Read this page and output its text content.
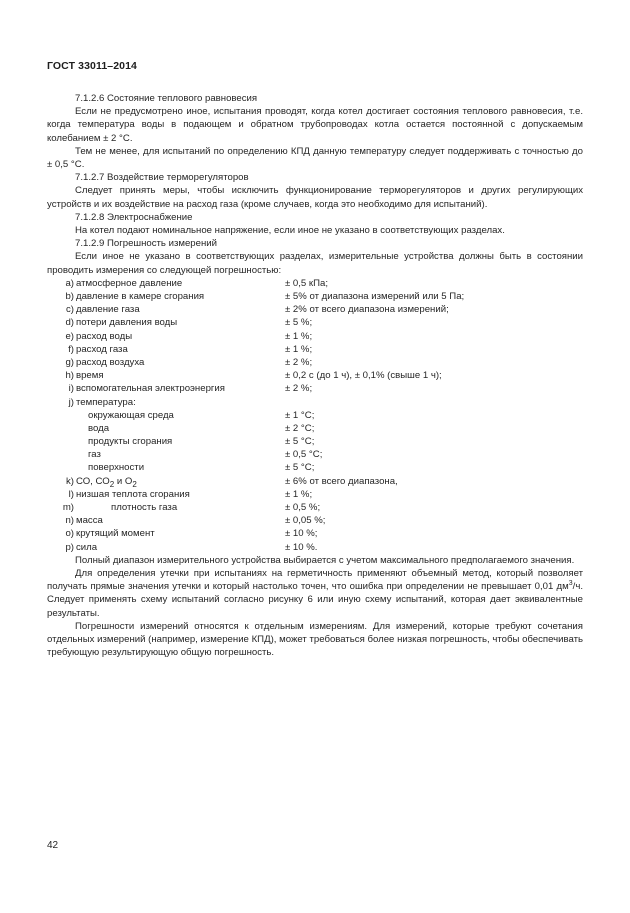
ГОСТ 33011–2014

7.1.2.6 Состояние теплового равновесия

Если не предусмотрено иное, испытания проводят, когда котел достигает состояния теплового равновесия, т.е. когда температура воды в подающем и обратном трубопроводах котла остается постоянной с допускаемым колебанием ± 2 °С.

Тем не менее, для испытаний по определению КПД данную температуру следует поддерживать с точностью до ± 0,5 °С.

7.1.2.7 Воздействие терморегуляторов

Следует принять меры, чтобы исключить функционирование терморегуляторов и других регулирующих устройств и их воздействие на расход газа (кроме случаев, когда это необходимо для испытаний).

7.1.2.8 Электроснабжение

На котел подают номинальное напряжение, если иное не указано в соответствующих разделах.

7.1.2.9 Погрешность измерений

Если иное не указано в соответствующих разделах, измерительные устройства должны быть в состоянии проводить измерения со следующей погрешностью:

a) атмосферное давление	± 0,5 кПа;
b) давление в камере сгорания	± 5% от диапазона измерений или 5 Па;
c) давление газа	± 2% от всего диапазона измерений;
d) потери давления воды	± 5 %;
e) расход воды	± 1 %;
f) расход газа	± 1 %;
g) расход воздуха	± 2 %;
h) время	± 0,2 с (до 1 ч), ± 0,1% (свыше 1 ч);
i) вспомогательная электроэнергия	± 2 %;
j) температура:
окружающая среда	± 1 °С;
вода	± 2 °С;
продукты сгорания	± 5 °С;
газ	± 0,5 °С;
поверхности	± 5 °С;
k) СО, $СО_2$ и $О_2$	± 6% от всего диапазона,
l) низшая теплота сгорания	± 1 %;
m)	плотность газа	± 0,5 %;
n) масса	± 0,05 %;
o) крутящий момент	± 10 %;
p) сила	± 10 %.

Полный диапазон измерительного устройства выбирается с учетом максимального предполагаемого значения.

Для определения утечки при испытаниях на герметичность применяют объемный метод, который позволяет получать прямые значения утечки и который настолько точен, что ошибка при определении не превышает 0,01 $дм^3/ч$. Следует применять схему испытаний согласно рисунку 6 или иную схему испытаний, которая дает эквивалентные результаты.

Погрешности измерений относятся к отдельным измерениям. Для измерений, которые требуют сочетания отдельных измерений (например, измерение КПД), может требоваться более низкая погрешность, чтобы обеспечивать требующую результирующую общую погрешность.

42
